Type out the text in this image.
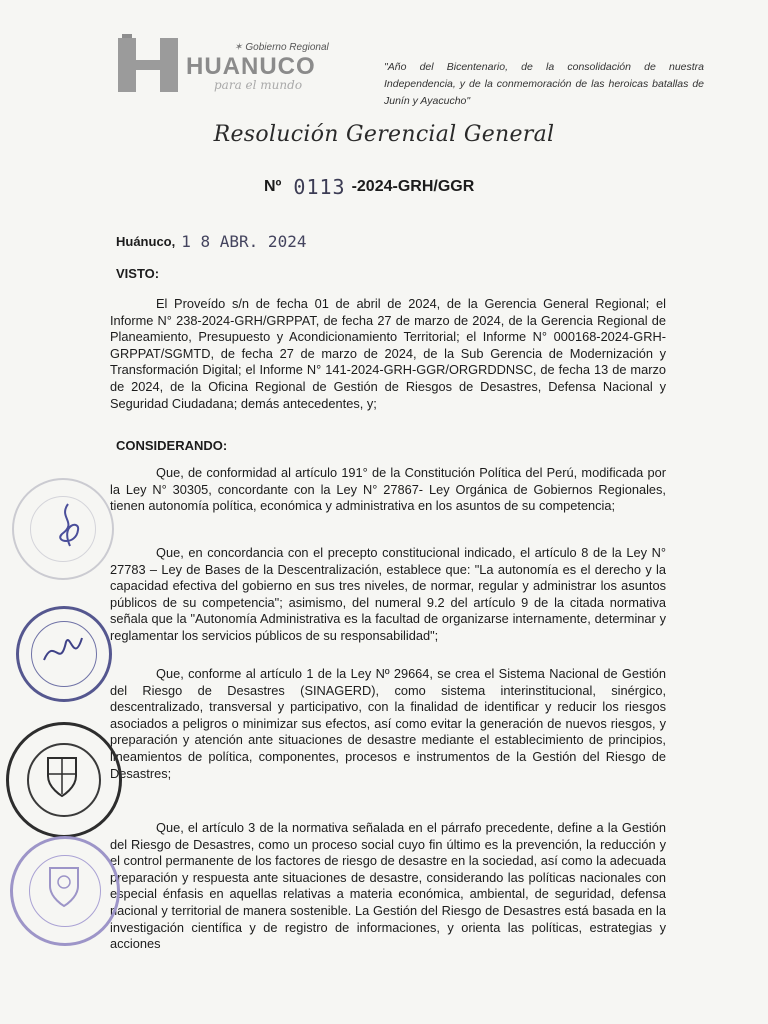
✶ Gobierno Regional
HUANUCO
para el mundo
"Año del Bicentenario, de la consolidación de nuestra Independencia, y de la conmemoración de las heroicas batallas de Junín y Ayacucho"
Resolución Gerencial General
Nº 0113 -2024-GRH/GGR
Huánuco, 1 8 ABR. 2024
VISTO:

El Proveído s/n de fecha 01 de abril de 2024, de la Gerencia General Regional; el Informe N° 238-2024-GRH/GRPPAT, de fecha 27 de marzo de 2024, de la Gerencia Regional de Planeamiento, Presupuesto y Acondicionamiento Territorial; el Informe N° 000168-2024-GRH-GRPPAT/SGMTD, de fecha 27 de marzo de 2024, de la Sub Gerencia de Modernización y Transformación Digital; el Informe N° 141-2024-GRH-GGR/ORGRDDNSC, de fecha 13 de marzo de 2024, de la Oficina Regional de Gestión de Riesgos de Desastres, Defensa Nacional y Seguridad Ciudadana; demás antecedentes, y;

CONSIDERANDO:

Que, de conformidad al artículo 191° de la Constitución Política del Perú, modificada por la Ley N° 30305, concordante con la Ley N° 27867- Ley Orgánica de Gobiernos Regionales, tienen autonomía política, económica y administrativa en los asuntos de su competencia;

Que, en concordancia con el precepto constitucional indicado, el artículo 8 de la Ley N° 27783 – Ley de Bases de la Descentralización, establece que: "La autonomía es el derecho y la capacidad efectiva del gobierno en sus tres niveles, de normar, regular y administrar los asuntos públicos de su competencia"; asimismo, del numeral 9.2 del artículo 9 de la citada normativa señala que la "Autonomía Administrativa es la facultad de organizarse internamente, determinar y reglamentar los servicios públicos de su responsabilidad";

Que, conforme al artículo 1 de la Ley Nº 29664, se crea el Sistema Nacional de Gestión del Riesgo de Desastres (SINAGERD), como sistema interinstitucional, sinérgico, descentralizado, transversal y participativo, con la finalidad de identificar y reducir los riesgos asociados a peligros o minimizar sus efectos, así como evitar la generación de nuevos riesgos, y preparación y atención ante situaciones de desastre mediante el establecimiento de principios, lineamientos de política, componentes, procesos e instrumentos de la Gestión del Riesgo de Desastres;

Que, el artículo 3 de la normativa señalada en el párrafo precedente, define a la Gestión del Riesgo de Desastres, como un proceso social cuyo fin último es la prevención, la reducción y el control permanente de los factores de riesgo de desastre en la sociedad, así como la adecuada preparación y respuesta ante situaciones de desastre, considerando las políticas nacionales con especial énfasis en aquellas relativas a materia económica, ambiental, de seguridad, defensa nacional y territorial de manera sostenible. La Gestión del Riesgo de Desastres está basada en la investigación científica y de registro de informaciones, y orienta las políticas, estrategias y acciones
